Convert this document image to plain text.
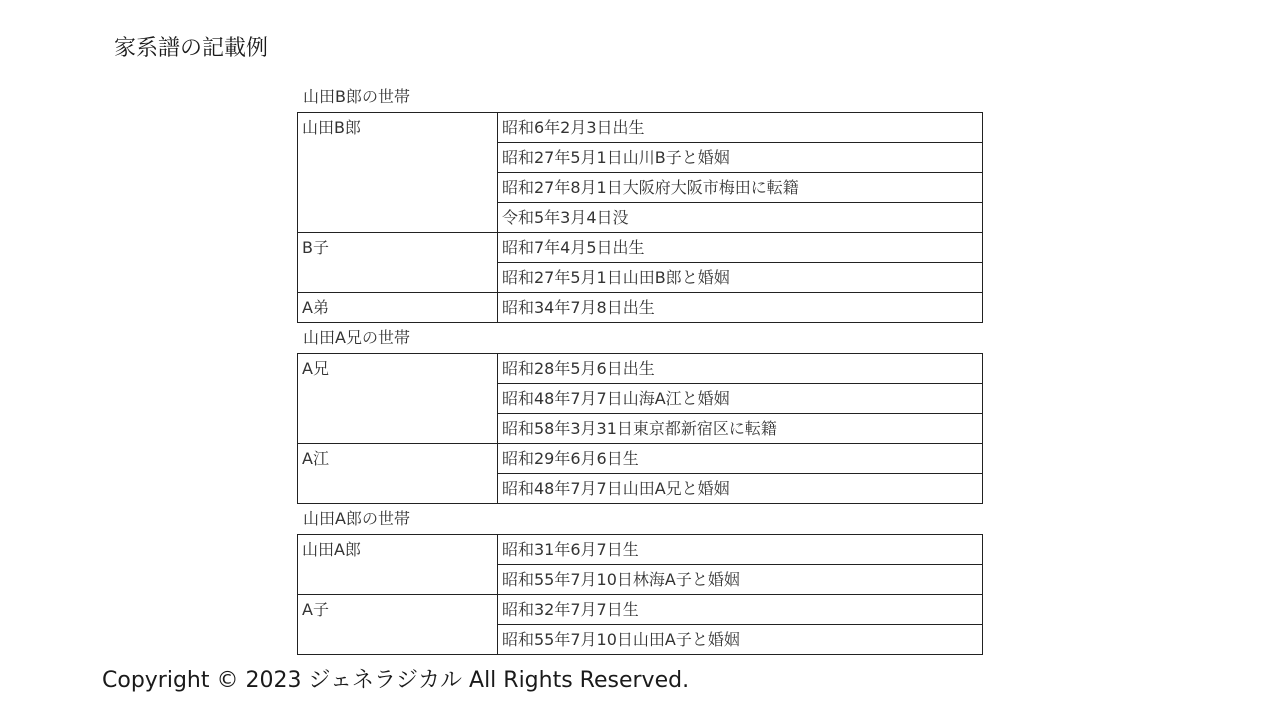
家系譜の記載例
山田B郎の世帯
山田B郎	昭和6年2月3日出生
	昭和27年5月1日山川B子と婚姻
	昭和27年8月1日大阪府大阪市梅田に転籍
	令和5年3月4日没
B子	昭和7年4月5日出生
	昭和27年5月1日山田B郎と婚姻
A弟	昭和34年7月8日出生
山田A兄の世帯
A兄	昭和28年5月6日出生
	昭和48年7月7日山海A江と婚姻
	昭和58年3月31日東京都新宿区に転籍
A江	昭和29年6月6日生
	昭和48年7月7日山田A兄と婚姻
山田A郎の世帯
山田A郎	昭和31年6月7日生
	昭和55年7月10日林海A子と婚姻
A子	昭和32年7月7日生
	昭和55年7月10日山田A子と婚姻
Copyright © 2023 ジェネラジカル All Rights Reserved.
